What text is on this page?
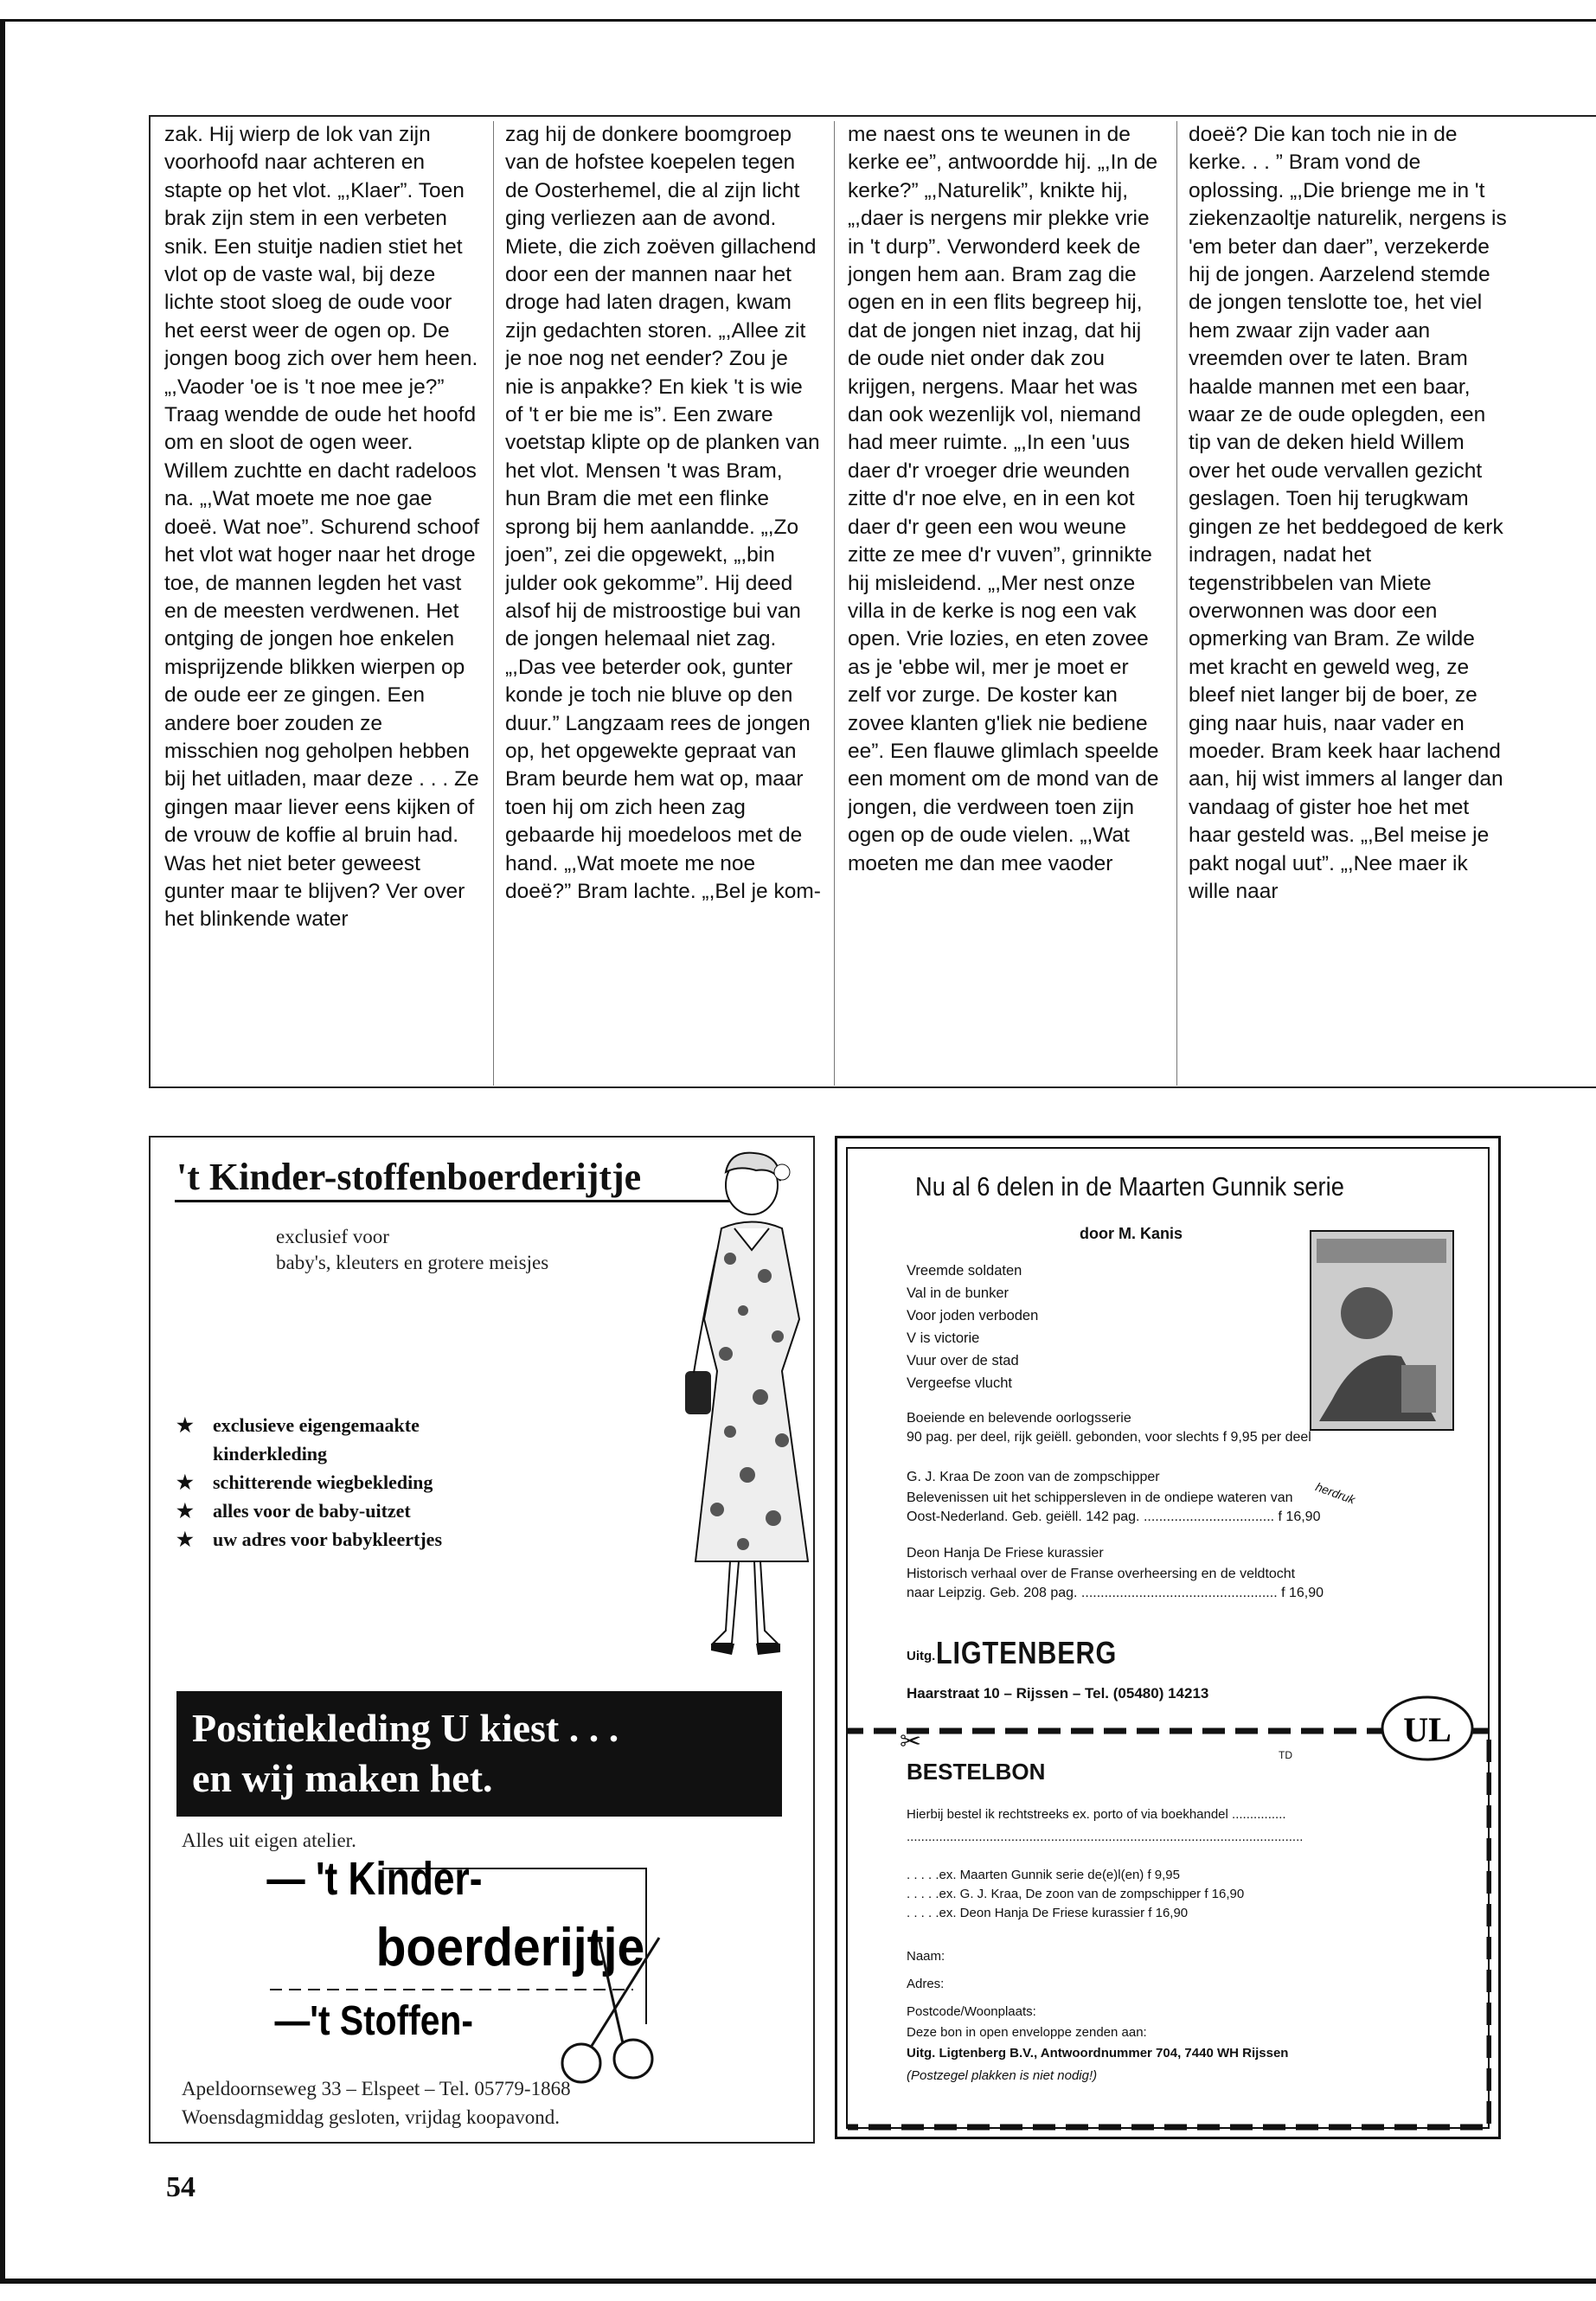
zak. Hij wierp de lok van zijn voorhoofd naar achteren en stapte op het vlot. „,Klaer”. Toen brak zijn stem in een verbeten snik. Een stuitje nadien stiet het vlot op de vaste wal, bij deze lichte stoot sloeg de oude voor het eerst weer de ogen op. De jongen boog zich over hem heen. „,Vaoder 'oe is 't noe mee je?” Traag wendde de oude het hoofd om en sloot de ogen weer. Willem zuchtte en dacht radeloos na. „,Wat moete me noe gae doeë. Wat noe”. Schurend schoof het vlot wat hoger naar het droge toe, de mannen legden het vast en de meesten verdwenen. Het ontging de jongen hoe enkelen misprijzende blikken wierpen op de oude eer ze gingen. Een andere boer zouden ze misschien nog geholpen hebben bij het uitladen, maar deze . . . Ze gingen maar liever eens kijken of de vrouw de koffie al bruin had. Was het niet beter geweest gunter maar te blijven? Ver over het blinkende water

zag hij de donkere boomgroep van de hofstee koepelen tegen de Oosterhemel, die al zijn licht ging verliezen aan de avond. Miete, die zich zoëven gillachend door een der mannen naar het droge had laten dragen, kwam zijn gedachten storen. „,Allee zit je noe nog net eender? Zou je nie is anpakke? En kiek 't is wie of 't er bie me is”. Een zware voetstap klipte op de planken van het vlot. Mensen 't was Bram, hun Bram die met een flinke sprong bij hem aanlandde. „,Zo joen”, zei die opgewekt, „,bin julder ook gekomme”. Hij deed alsof hij de mistroostige bui van de jongen helemaal niet zag. „,Das vee beterder ook, gunter konde je toch nie bluve op den duur.” Langzaam rees de jongen op, het opgewekte gepraat van Bram beurde hem wat op, maar toen hij om zich heen zag gebaarde hij moedeloos met de hand. „,Wat moete me noe doeë?” Bram lachte. „,Bel je kom-

me naest ons te weunen in de kerke ee”, antwoordde hij. „,In de kerke?” „,Naturelik”, knikte hij, „,daer is nergens mir plekke vrie in 't durp”. Verwonderd keek de jongen hem aan. Bram zag die ogen en in een flits begreep hij, dat de jongen niet inzag, dat hij de oude niet onder dak zou krijgen, nergens. Maar het was dan ook wezenlijk vol, niemand had meer ruimte. „,In een 'uus daer d'r vroeger drie weunden zitte d'r noe elve, en in een kot daer d'r geen een wou weune zitte ze mee d'r vuven”, grinnikte hij misleidend. „,Mer nest onze villa in de kerke is nog een vak open. Vrie lozies, en eten zovee as je 'ebbe wil, mer je moet er zelf vor zurge. De koster kan zovee klanten g'liek nie bediene ee”. Een flauwe glimlach speelde een moment om de mond van de jongen, die verdween toen zijn ogen op de oude vielen. „,Wat moeten me dan mee vaoder

doeë? Die kan toch nie in de kerke. . . ” Bram vond de oplossing. „,Die brienge me in 't ziekenzaoltje naturelik, nergens is 'em beter dan daer”, verzekerde hij de jongen. Aarzelend stemde de jongen tenslotte toe, het viel hem zwaar zijn vader aan vreemden over te laten. Bram haalde mannen met een baar, waar ze de oude oplegden, een tip van de deken hield Willem over het oude vervallen gezicht geslagen. Toen hij terugkwam gingen ze het beddegoed de kerk indragen, nadat het tegenstribbelen van Miete overwonnen was door een opmerking van Bram. Ze wilde met kracht en geweld weg, ze bleef niet langer bij de boer, ze ging naar huis, naar vader en moeder. Bram keek haar lachend aan, hij wist immers al langer dan vandaag of gister hoe het met haar gesteld was. „,Bel meise je pakt nogal uut”. „,Nee maer ik wille naar

't Kinder-stoffenboerderijtje
exclusief voor
baby's, kleuters en grotere meisjes
★ exclusieve eigengemaakte kinderkleding
★ schitterende wiegbekleding
★ alles voor de baby-uitzet
★ uw adres voor babykleertjes
Positiekleding U kiest . . .
en wij maken het.
Alles uit eigen atelier.
— 't Kinder-
boerderijtje
—'t Stoffen-
Apeldoornseweg 33 – Elspeet – Tel. 05779-1868
Woensdagmiddag gesloten, vrijdag koopavond.
Nu al 6 delen in de Maarten Gunnik serie
door M. Kanis
Vreemde soldaten
Val in de bunker
Voor joden verboden
V is victorie
Vuur over de stad
Vergeefse vlucht
Boeiende en belevende oorlogsserie
90 pag. per deel, rijk geiëll. gebonden, voor slechts f 9,95 per deel
G. J. Kraa De zoon van de zompschipper
herdruk
Belevenissen uit het schippersleven in de ondiepe wateren van
Oost-Nederland. Geb. geiëll. 142 pag. .................................. f 16,90
Deon Hanja De Friese kurassier
Historisch verhaal over de Franse overheersing en de veldtocht
naar Leipzig. Geb. 208 pag. ................................................... f 16,90
Uitg. LIGTENBERG
Haarstraat 10 – Rijssen – Tel. (05480) 14213
UL
✂	TD
BESTELBON
Hierbij bestel ik rechtstreeks ex. porto of via boekhandel ...............
..............................................................................................................
. . . . .ex. Maarten Gunnik serie de(e)l(en) f 9,95
. . . . .ex. G. J. Kraa, De zoon van de zompschipper f 16,90
. . . . .ex. Deon Hanja De Friese kurassier f 16,90
Naam:
Adres:
Postcode/Woonplaats:
Deze bon in open enveloppe zenden aan:
Uitg. Ligtenberg B.V., Antwoordnummer 704, 7440 WH Rijssen
(Postzegel plakken is niet nodig!)
54
